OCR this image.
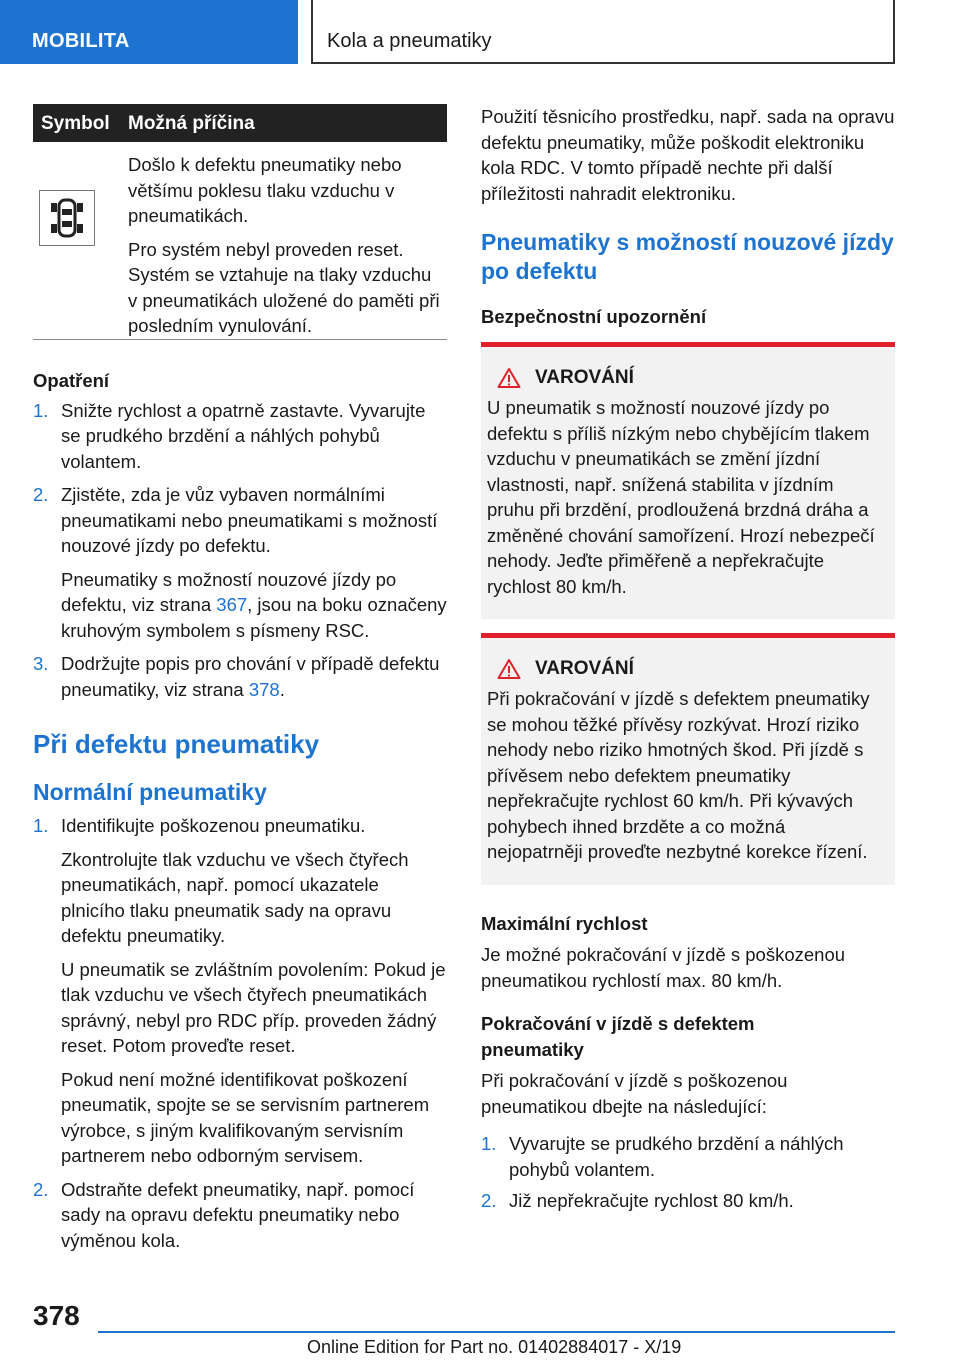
MOBILITA	Kola a pneumatiky
Symbol Možná příčina

Došlo k defektu pneumatiky nebo většímu poklesu tlaku vzduchu v pneumatikách.

Pro systém nebyl proveden reset. Systém se vztahuje na tlaky vzduchu v pneumatikách uložené do paměti při posledním vynulování.

Opatření
1. Snižte rychlost a opatrně zastavte. Vyvarujte se prudkého brzdění a náhlých pohybů volantem.

2. Zjistěte, zda je vůz vybaven normálními pneumatikami nebo pneumatikami s možností nouzové jízdy po defektu.

Pneumatiky s možností nouzové jízdy po defektu, viz strana 367, jsou na boku označeny kruhovým symbolem s písmeny RSC.

3. Dodržujte popis pro chování v případě defektu pneumatiky, viz strana 378.

Při defektu pneumatiky
Normální pneumatiky
1. Identifikujte poškozenou pneumatiku.

Zkontrolujte tlak vzduchu ve všech čtyřech pneumatikách, např. pomocí ukazatele plnicího tlaku pneumatik sady na opravu defektu pneumatiky.

U pneumatik se zvláštním povolením: Pokud je tlak vzduchu ve všech čtyřech pneumatikách správný, nebyl pro RDC příp. proveden žádný reset. Potom proveďte reset.

Pokud není možné identifikovat poškození pneumatik, spojte se se servisním partnerem výrobce, s jiným kvalifikovaným servisním partnerem nebo odborným servisem.

2. Odstraňte defekt pneumatiky, např. pomocí sady na opravu defektu pneumatiky nebo výměnou kola.

Použití těsnicího prostředku, např. sada na opravu defektu pneumatiky, může poškodit elektroniku kola RDC. V tomto případě nechte při další příležitosti nahradit elektroniku.

Pneumatiky s možností nouzové jízdy po defektu
Bezpečnostní upozornění
VAROVÁNÍ

U pneumatik s možností nouzové jízdy po defektu s příliš nízkým nebo chybějícím tlakem vzduchu v pneumatikách se změní jízdní vlastnosti, např. snížená stabilita v jízdním pruhu při brzdění, prodloužená brzdná dráha a změněné chování samořízení. Hrozí nebezpečí nehody. Jeďte přiměřeně a nepřekračujte rychlost 80 km/h.

VAROVÁNÍ

Při pokračování v jízdě s defektem pneumatiky se mohou těžké přívěsy rozkývat. Hrozí riziko nehody nebo riziko hmotných škod. Při jízdě s přívěsem nebo defektem pneumatiky nepřekračujte rychlost 60 km/h. Při kývavých pohybech ihned brzděte a co možná nejopatrněji proveďte nezbytné korekce řízení.

Maximální rychlost

Je možné pokračování v jízdě s poškozenou pneumatikou rychlostí max. 80 km/h.

Pokračování v jízdě s defektem pneumatiky

Při pokračování v jízdě s poškozenou pneumatikou dbejte na následující:

1. Vyvarujte se prudkého brzdění a náhlých pohybů volantem.

2. Již nepřekračujte rychlost 80 km/h.

378
Online Edition for Part no. 01402884017 - X/19
